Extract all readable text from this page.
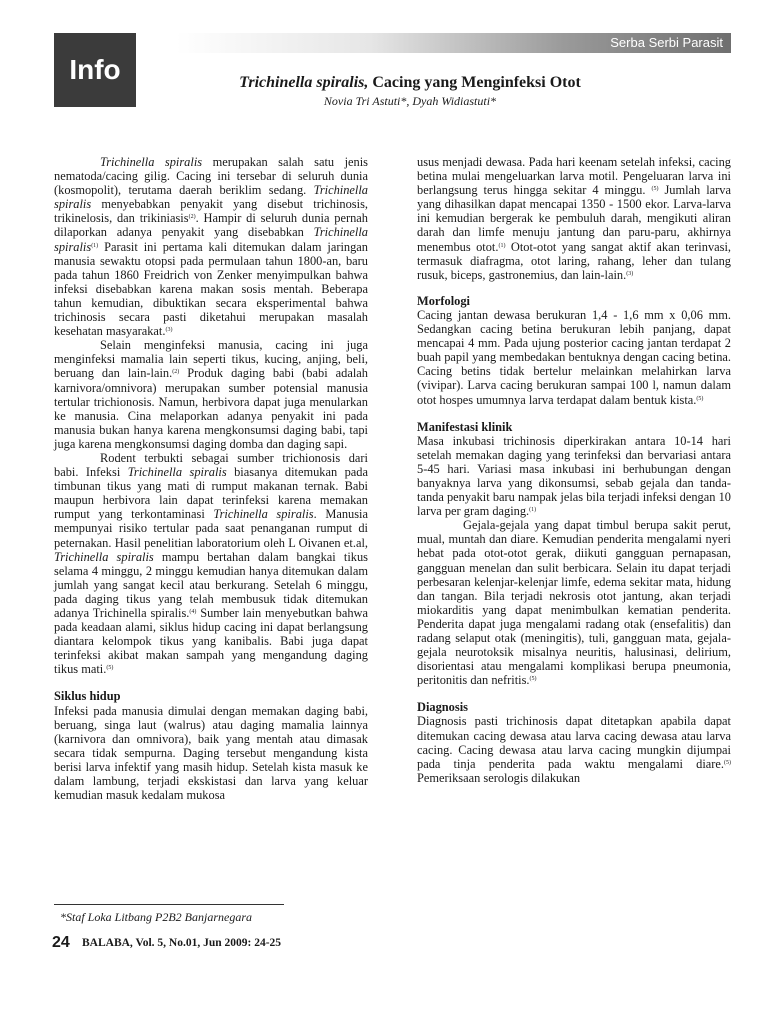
Info
Serba Serbi Parasit
Trichinella spiralis, Cacing yang Menginfeksi Otot
Novia Tri Astuti*, Dyah Widiastuti*

Trichinella spiralis merupakan salah satu jenis nematoda/cacing gilig. Cacing ini tersebar di seluruh dunia (kosmopolit), terutama daerah beriklim sedang. Trichinella spiralis menyebabkan penyakit yang disebut trichinosis, trikinelosis, dan trikiniasis$^{(2)}$. Hampir di seluruh dunia pernah dilaporkan adanya penyakit yang disebabkan Trichinella spiralis$^{(1)}$ Parasit ini pertama kali ditemukan dalam jaringan manusia sewaktu otopsi pada permulaan tahun 1800-an, baru pada tahun 1860 Freidrich von Zenker menyimpulkan bahwa infeksi disebabkan karena makan sosis mentah. Beberapa tahun kemudian, dibuktikan secara eksperimental bahwa trichinosis secara pasti diketahui merupakan masalah kesehatan masyarakat.$^{(3)}$

Selain menginfeksi manusia, cacing ini juga menginfeksi mamalia lain seperti tikus, kucing, anjing, beli, beruang dan lain-lain.$^{(2)}$ Produk daging babi (babi adalah karnivora/omnivora) merupakan sumber potensial manusia tertular trichionosis. Namun, herbivora dapat juga menularkan ke manusia. Cina melaporkan adanya penyakit ini pada manusia bukan hanya karena mengkonsumsi daging babi, tapi juga karena mengkonsumsi daging domba dan daging sapi.

Rodent terbukti sebagai sumber trichionosis dari babi. Infeksi Trichinella spiralis biasanya ditemukan pada timbunan tikus yang mati di rumput makanan ternak. Babi maupun herbivora lain dapat terinfeksi karena memakan rumput yang terkontaminasi Trichinella spiralis. Manusia mempunyai risiko tertular pada saat penanganan rumput di peternakan. Hasil penelitian laboratorium oleh L Oivanen et.al, Trichinella spiralis mampu bertahan dalam bangkai tikus selama 4 minggu, 2 minggu kemudian hanya ditemukan dalam jumlah yang sangat kecil atau berkurang. Setelah 6 minggu, pada daging tikus yang telah membusuk tidak ditemukan adanya Trichinella spiralis.$^{(4)}$ Sumber lain menyebutkan bahwa pada keadaan alami, siklus hidup cacing ini dapat berlangsung diantara kelompok tikus yang kanibalis. Babi juga dapat terinfeksi akibat makan sampah yang mengandung daging tikus mati.$^{(5)}$

Siklus hidup

Infeksi pada manusia dimulai dengan memakan daging babi, beruang, singa laut (walrus) atau daging mamalia lainnya (karnivora dan omnivora), baik yang mentah atau dimasak secara tidak sempurna. Daging tersebut mengandung kista berisi larva infektif yang masih hidup. Setelah kista masuk ke dalam lambung, terjadi ekskistasi dan larva yang keluar kemudian masuk kedalam mukosa

usus menjadi dewasa. Pada hari keenam setelah infeksi, cacing betina mulai mengeluarkan larva motil. Pengeluaran larva ini berlangsung terus hingga sekitar 4 minggu. $^{(5)}$ Jumlah larva yang dihasilkan dapat mencapai 1350 - 1500 ekor. Larva-larva ini kemudian bergerak ke pembuluh darah, mengikuti aliran darah dan limfe menuju jantung dan paru-paru, akhirnya menembus otot.$^{(1)}$ Otot-otot yang sangat aktif akan terinvasi, termasuk diafragma, otot laring, rahang, leher dan tulang rusuk, biceps, gastronemius, dan lain-lain.$^{(3)}$

Morfologi

Cacing jantan dewasa berukuran 1,4 - 1,6 mm x 0,06 mm. Sedangkan cacing betina berukuran lebih panjang, dapat mencapai 4 mm. Pada ujung posterior cacing jantan terdapat 2 buah papil yang membedakan bentuknya dengan cacing betina. Cacing betins tidak bertelur melainkan melahirkan larva (vivipar). Larva cacing berukuran sampai 100 l, namun dalam otot hospes umumnya larva terdapat dalam bentuk kista.$^{(5)}$

Manifestasi klinik

Masa inkubasi trichinosis diperkirakan antara 10-14 hari setelah memakan daging yang terinfeksi dan bervariasi antara 5-45 hari. Variasi masa inkubasi ini berhubungan dengan banyaknya larva yang dikonsumsi, sebab gejala dan tanda-tanda penyakit baru nampak jelas bila terjadi infeksi dengan 10 larva per gram daging.$^{(1)}$

Gejala-gejala yang dapat timbul berupa sakit perut, mual, muntah dan diare. Kemudian penderita mengalami nyeri hebat pada otot-otot gerak, diikuti gangguan pernapasan, gangguan menelan dan sulit berbicara. Selain itu dapat terjadi perbesaran kelenjar-kelenjar limfe, edema sekitar mata, hidung dan tangan. Bila terjadi nekrosis otot jantung, akan terjadi miokarditis yang dapat menimbulkan kematian penderita. Penderita dapat juga mengalami radang otak (ensefalitis) dan radang selaput otak (meningitis), tuli, gangguan mata, gejala-gejala neurotoksik misalnya neuritis, halusinasi, delirium, disorientasi atau mengalami komplikasi berupa pneumonia, peritonitis dan nefritis.$^{(5)}$

Diagnosis

Diagnosis pasti trichinosis dapat ditetapkan apabila dapat ditemukan cacing dewasa atau larva cacing dewasa atau larva cacing. Cacing dewasa atau larva cacing mungkin dijumpai pada tinja penderita pada waktu mengalami diare.$^{(5)}$ Pemeriksaan serologis dilakukan

*Staf Loka Litbang P2B2 Banjarnegara
24 BALABA, Vol. 5, No.01, Jun 2009: 24-25
